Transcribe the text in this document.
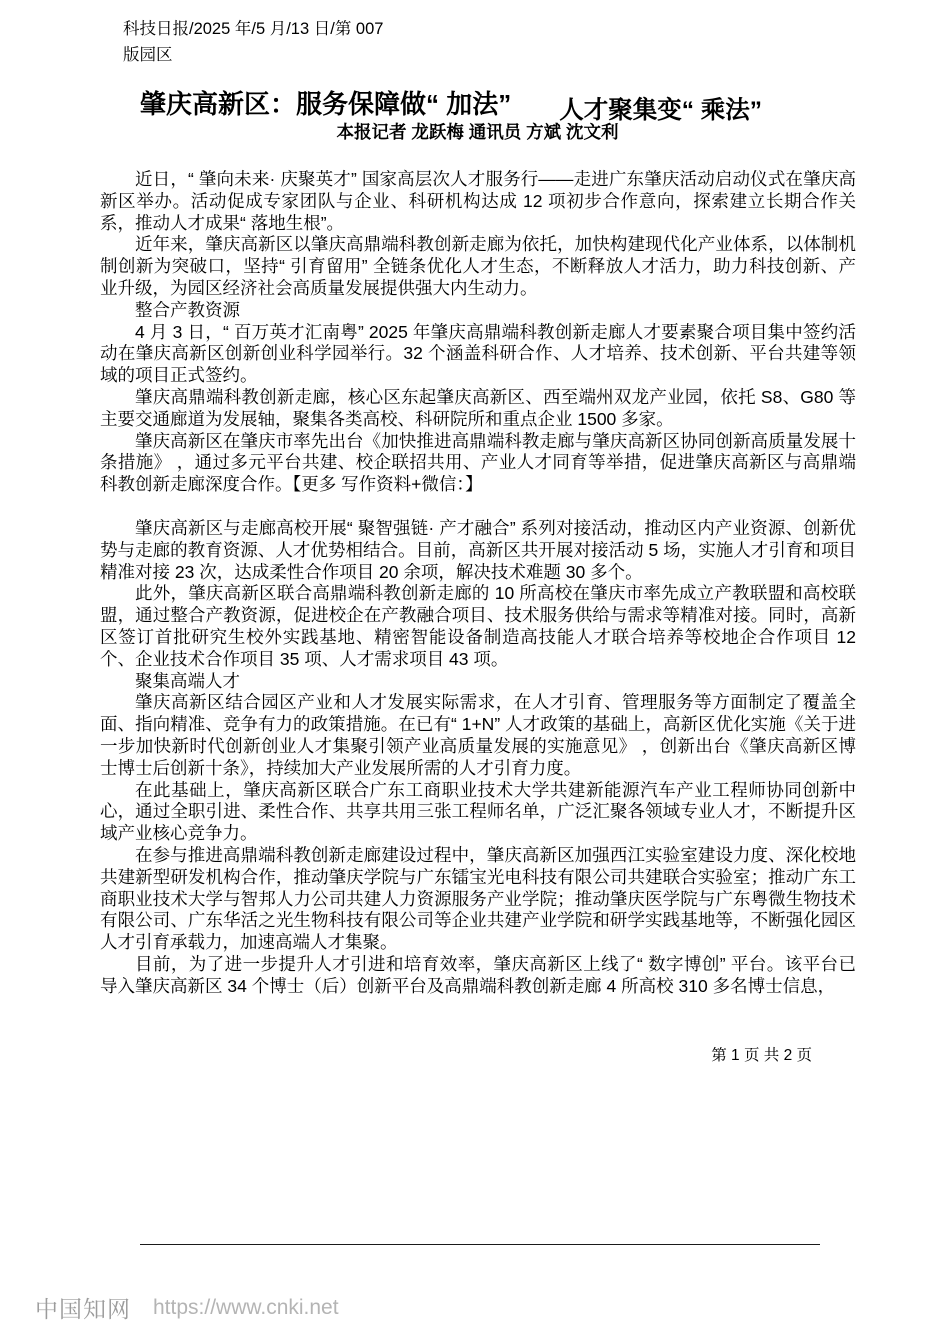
科技日报/2025 年/5 月/13 日/第 007
版园区
肇庆高新区：服务保障做“ 加法” 人才聚集变“ 乘法”
本报记者 龙跃梅 通讯员 方斌 沈文利

近日，“ 肇向未来· 庆聚英才” 国家高层次人才服务行——走进广东肇庆活动启动仪式在肇庆高新区举办。活动促成专家团队与企业、科研机构达成 12 项初步合作意向，探索建立长期合作关系，推动人才成果“ 落地生根”。

近年来，肇庆高新区以肇庆高鼎端科教创新走廊为依托，加快构建现代化产业体系，以体制机制创新为突破口，坚持“ 引育留用” 全链条优化人才生态，不断释放人才活力，助力科技创新、产业升级，为园区经济社会高质量发展提供强大内生动力。

整合产教资源

4 月 3 日，“ 百万英才汇南粤” 2025 年肇庆高鼎端科教创新走廊人才要素聚合项目集中签约活动在肇庆高新区创新创业科学园举行。32 个涵盖科研合作、人才培养、技术创新、平台共建等领域的项目正式签约。

肇庆高鼎端科教创新走廊，核心区东起肇庆高新区、西至端州双龙产业园，依托 S8、G80 等主要交通廊道为发展轴，聚集各类高校、科研院所和重点企业 1500 多家。

肇庆高新区在肇庆市率先出台《加快推进高鼎端科教走廊与肇庆高新区协同创新高质量发展十条措施》 ，通过多元平台共建、校企联招共用、产业人才同育等举措，促进肇庆高新区与高鼎端科教创新走廊深度合作。【更多 写作资料+微信：】

肇庆高新区与走廊高校开展“ 聚智强链· 产才融合” 系列对接活动，推动区内产业资源、创新优势与走廊的教育资源、人才优势相结合。目前，高新区共开展对接活动 5 场，实施人才引育和项目精准对接 23 次，达成柔性合作项目 20 余项，解决技术难题 30 多个。

此外，肇庆高新区联合高鼎端科教创新走廊的 10 所高校在肇庆市率先成立产教联盟和高校联盟，通过整合产教资源，促进校企在产教融合项目、技术服务供给与需求等精准对接。同时，高新区签订首批研究生校外实践基地、精密智能设备制造高技能人才联合培养等校地企合作项目 12 个、企业技术合作项目 35 项、人才需求项目 43 项。

聚集高端人才

肇庆高新区结合园区产业和人才发展实际需求，在人才引育、管理服务等方面制定了覆盖全面、指向精准、竞争有力的政策措施。在已有“ 1+N” 人才政策的基础上，高新区优化实施《关于进一步加快新时代创新创业人才集聚引领产业高质量发展的实施意见》 ，创新出台《肇庆高新区博士博士后创新十条》，持续加大产业发展所需的人才引育力度。

在此基础上，肇庆高新区联合广东工商职业技术大学共建新能源汽车产业工程师协同创新中心，通过全职引进、柔性合作、共享共用三张工程师名单，广泛汇聚各领域专业人才，不断提升区域产业核心竞争力。

在参与推进高鼎端科教创新走廊建设过程中，肇庆高新区加强西江实验室建设力度、深化校地共建新型研发机构合作，推动肇庆学院与广东镭宝光电科技有限公司共建联合实验室；推动广东工商职业技术大学与智邦人力公司共建人力资源服务产业学院；推动肇庆医学院与广东粤微生物技术有限公司、广东华活之光生物科技有限公司等企业共建产业学院和研学实践基地等，不断强化园区人才引育承载力，加速高端人才集聚。

目前，为了进一步提升人才引进和培育效率，肇庆高新区上线了“ 数字博创” 平台。该平台已导入肇庆高新区 34 个博士（后）创新平台及高鼎端科教创新走廊 4 所高校 310 多名博士信息，

第 1 页 共 2 页
中国知网 https://www.cnki.net
